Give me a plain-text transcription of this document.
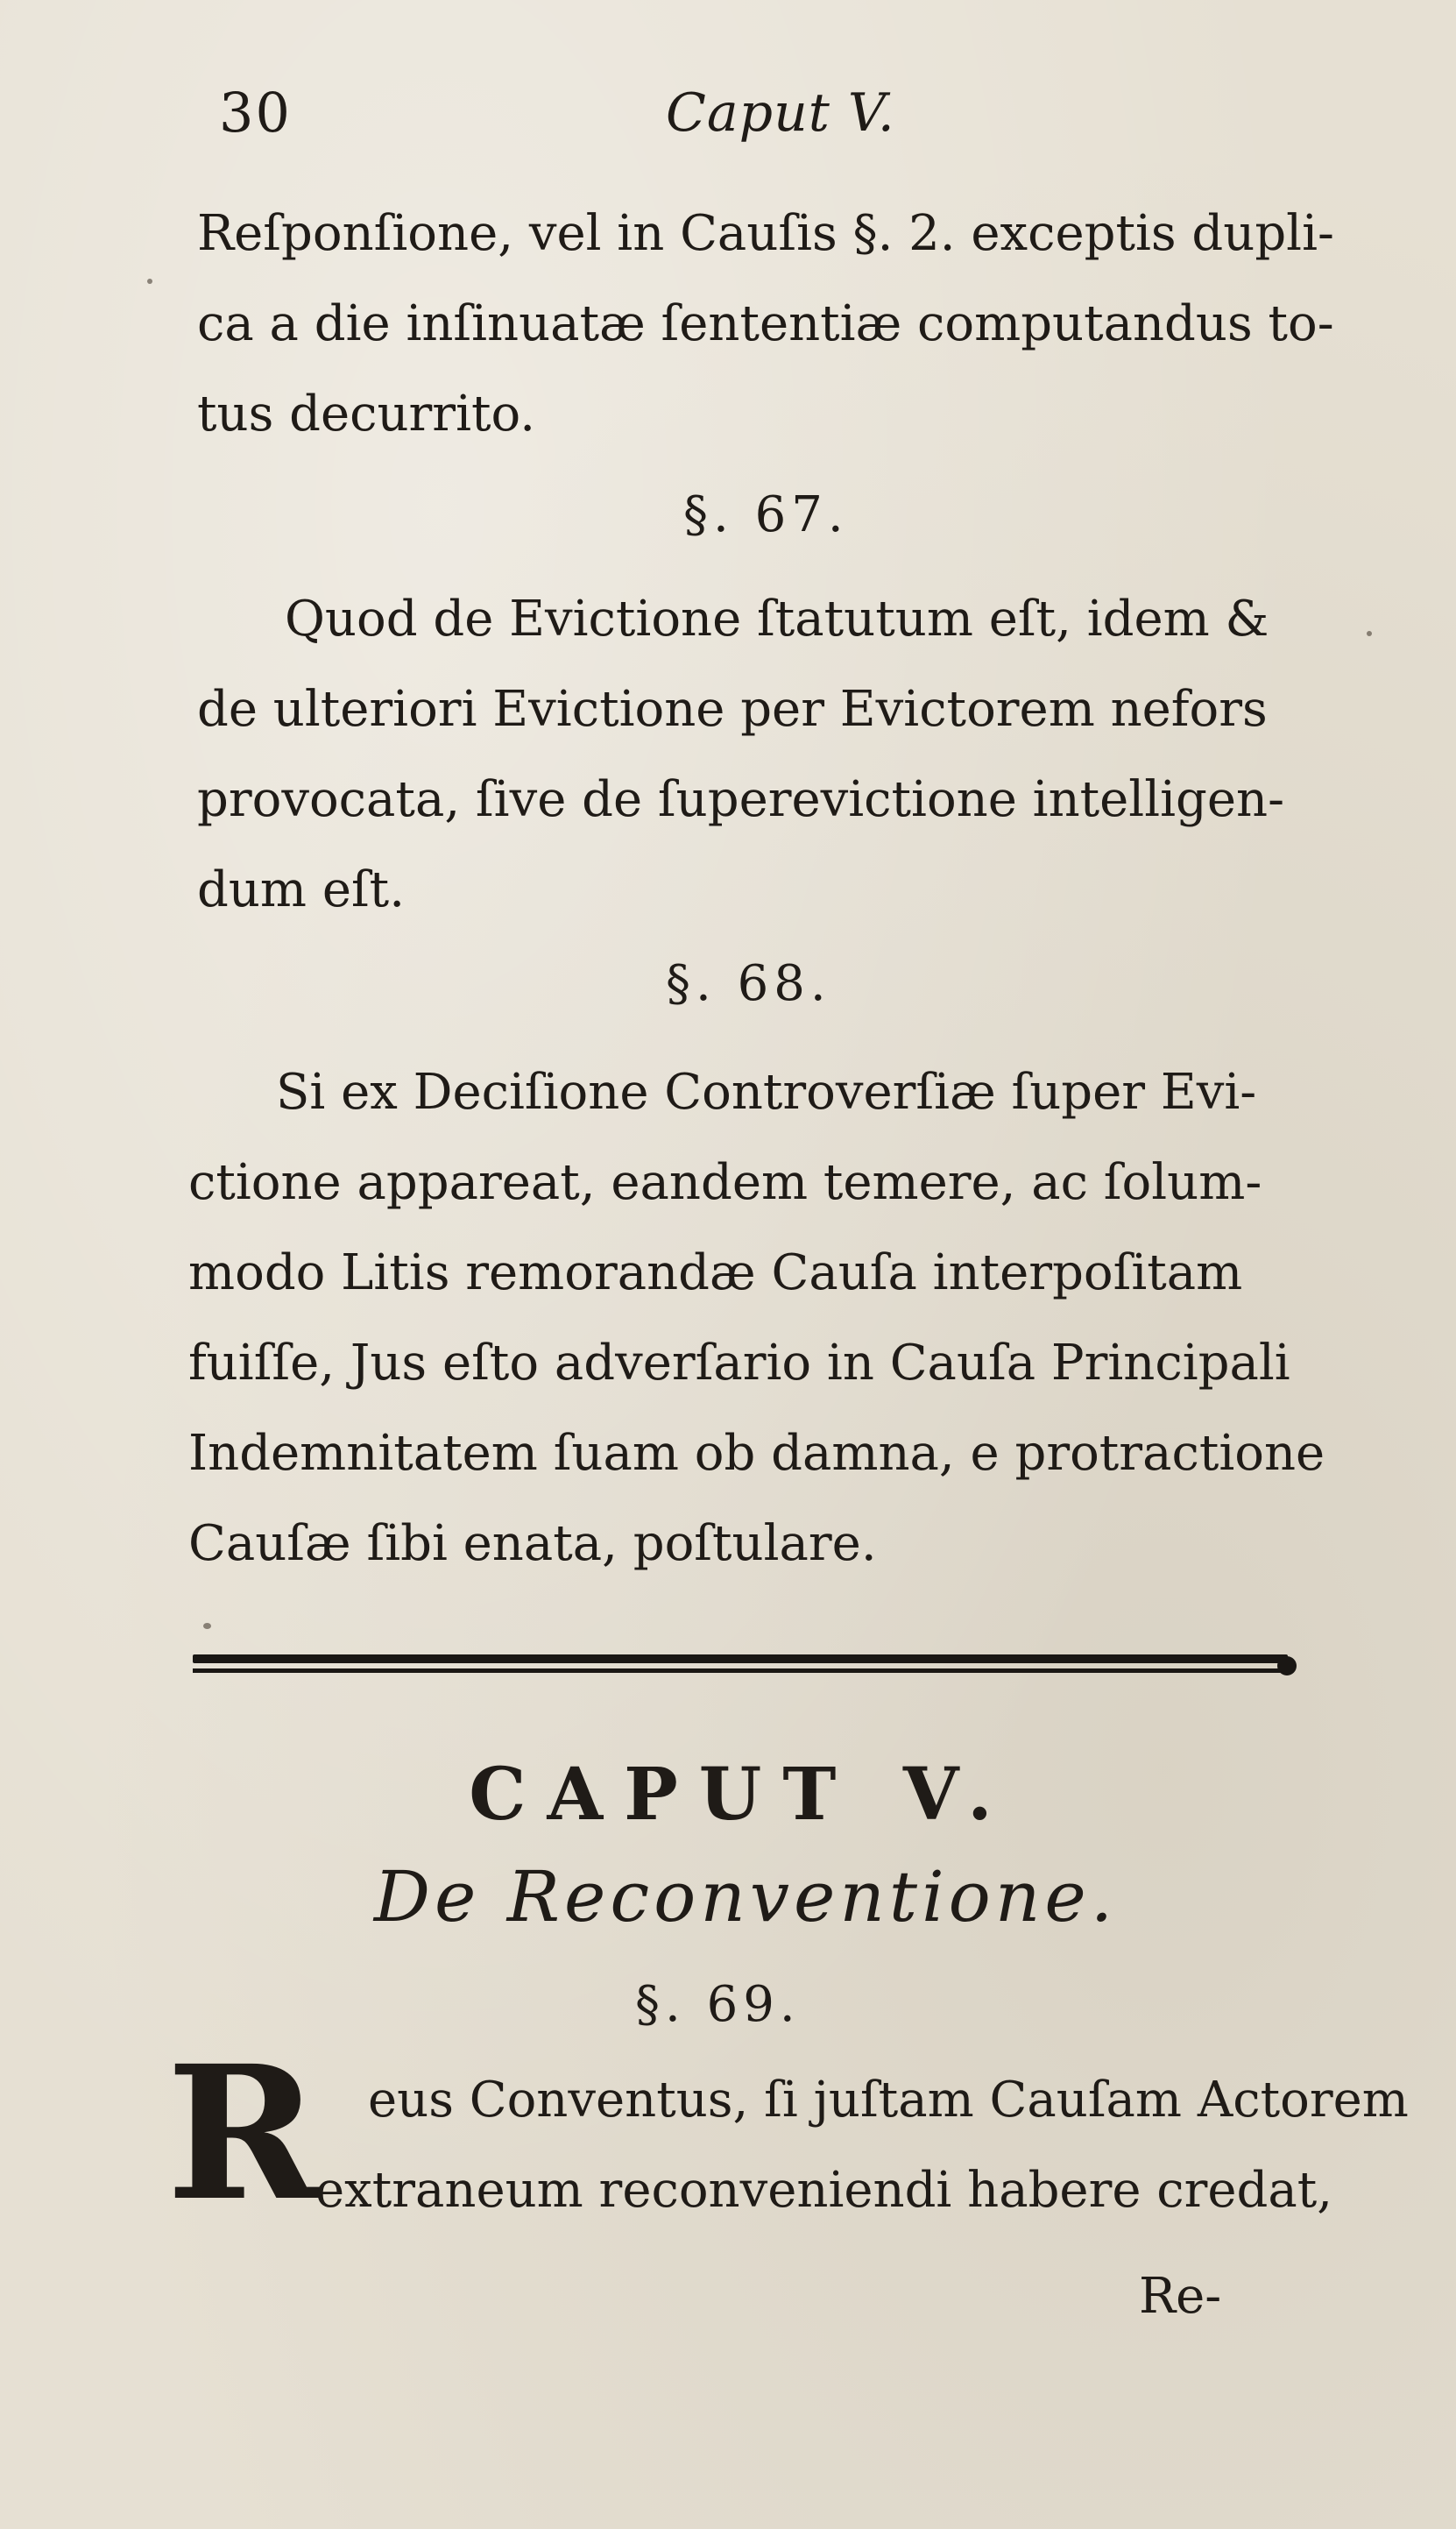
30	Caput V.
Reſponſione, vel in Cauſis §. 2. exceptis dupli-
ca a die inſinuatæ ſententiæ computandus to-
tus decurrito.
§. 67.
Quod de Evictione ſtatutum eſt, idem &
de ulteriori Evictione per Evictorem nefors
provocata, ſive de ſuperevictione intelligen-
dum eſt.
§. 68.
Si ex Deciſione Controverſiæ ſuper Evi-
ctione appareat, eandem temere, ac ſolum-
modo Litis remorandæ Cauſa interpoſitam
fuiſſe, Jus eſto adverſario in Cauſa Principali
Indemnitatem ſuam ob damna, e protractione
Cauſæ ſibi enata, poſtulare.
CAPUT V.
De Reconventione.
§. 69.
R eus Conventus, ſi juſtam Cauſam Actorem
extraneum reconveniendi habere credat,
Re-
